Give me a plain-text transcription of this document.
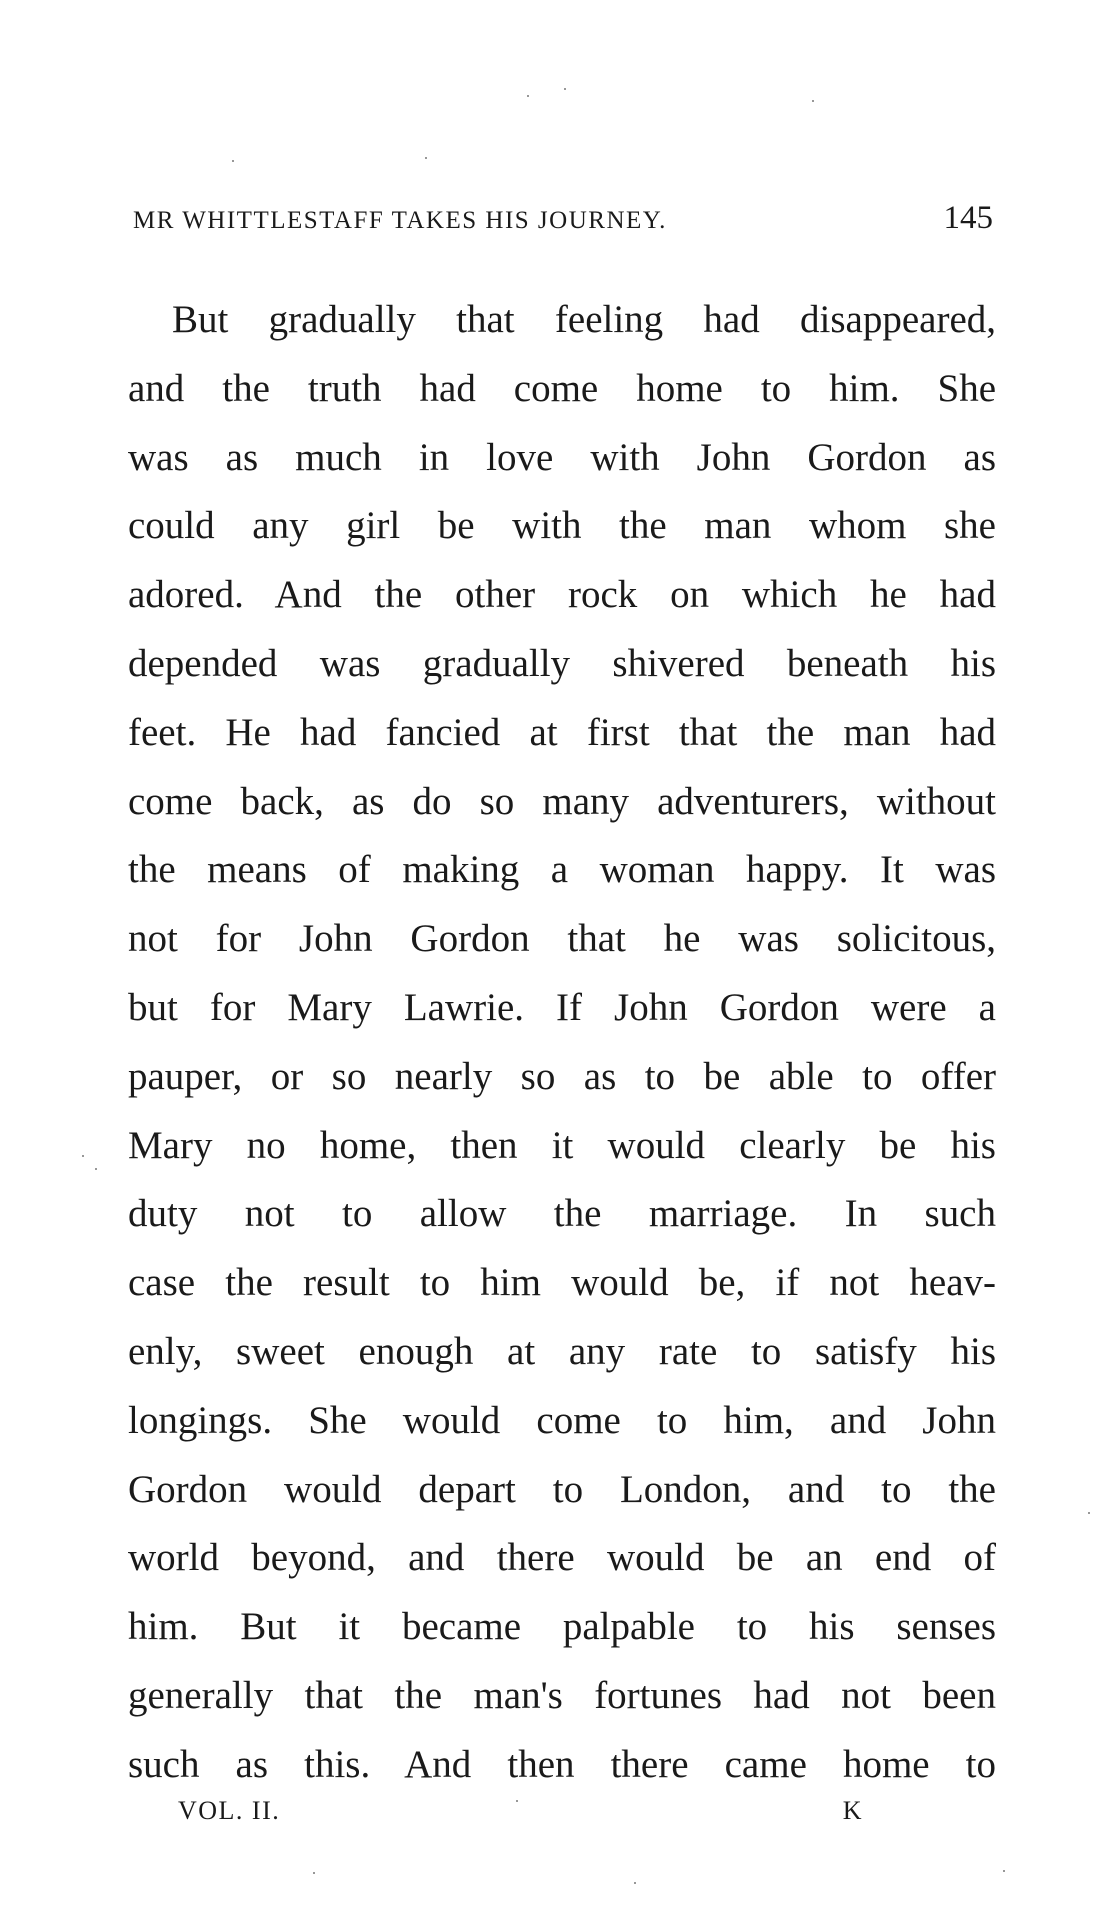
MR WHITTLESTAFF TAKES HIS JOURNEY.	145
But gradually that feeling had disappeared,
and the truth had come home to him. She
was as much in love with John Gordon as
could any girl be with the man whom she
adored. And the other rock on which he had
depended was gradually shivered beneath his
feet. He had fancied at first that the man had
come back, as do so many adventurers, without
the means of making a woman happy. It was
not for John Gordon that he was solicitous,
but for Mary Lawrie. If John Gordon were a
pauper, or so nearly so as to be able to offer
Mary no home, then it would clearly be his
duty not to allow the marriage. In such
case the result to him would be, if not heav-
enly, sweet enough at any rate to satisfy his
longings. She would come to him, and John
Gordon would depart to London, and to the
world beyond, and there would be an end of
him. But it became palpable to his senses
generally that the man's fortunes had not been
such as this. And then there came home to
VOL. II.	K
